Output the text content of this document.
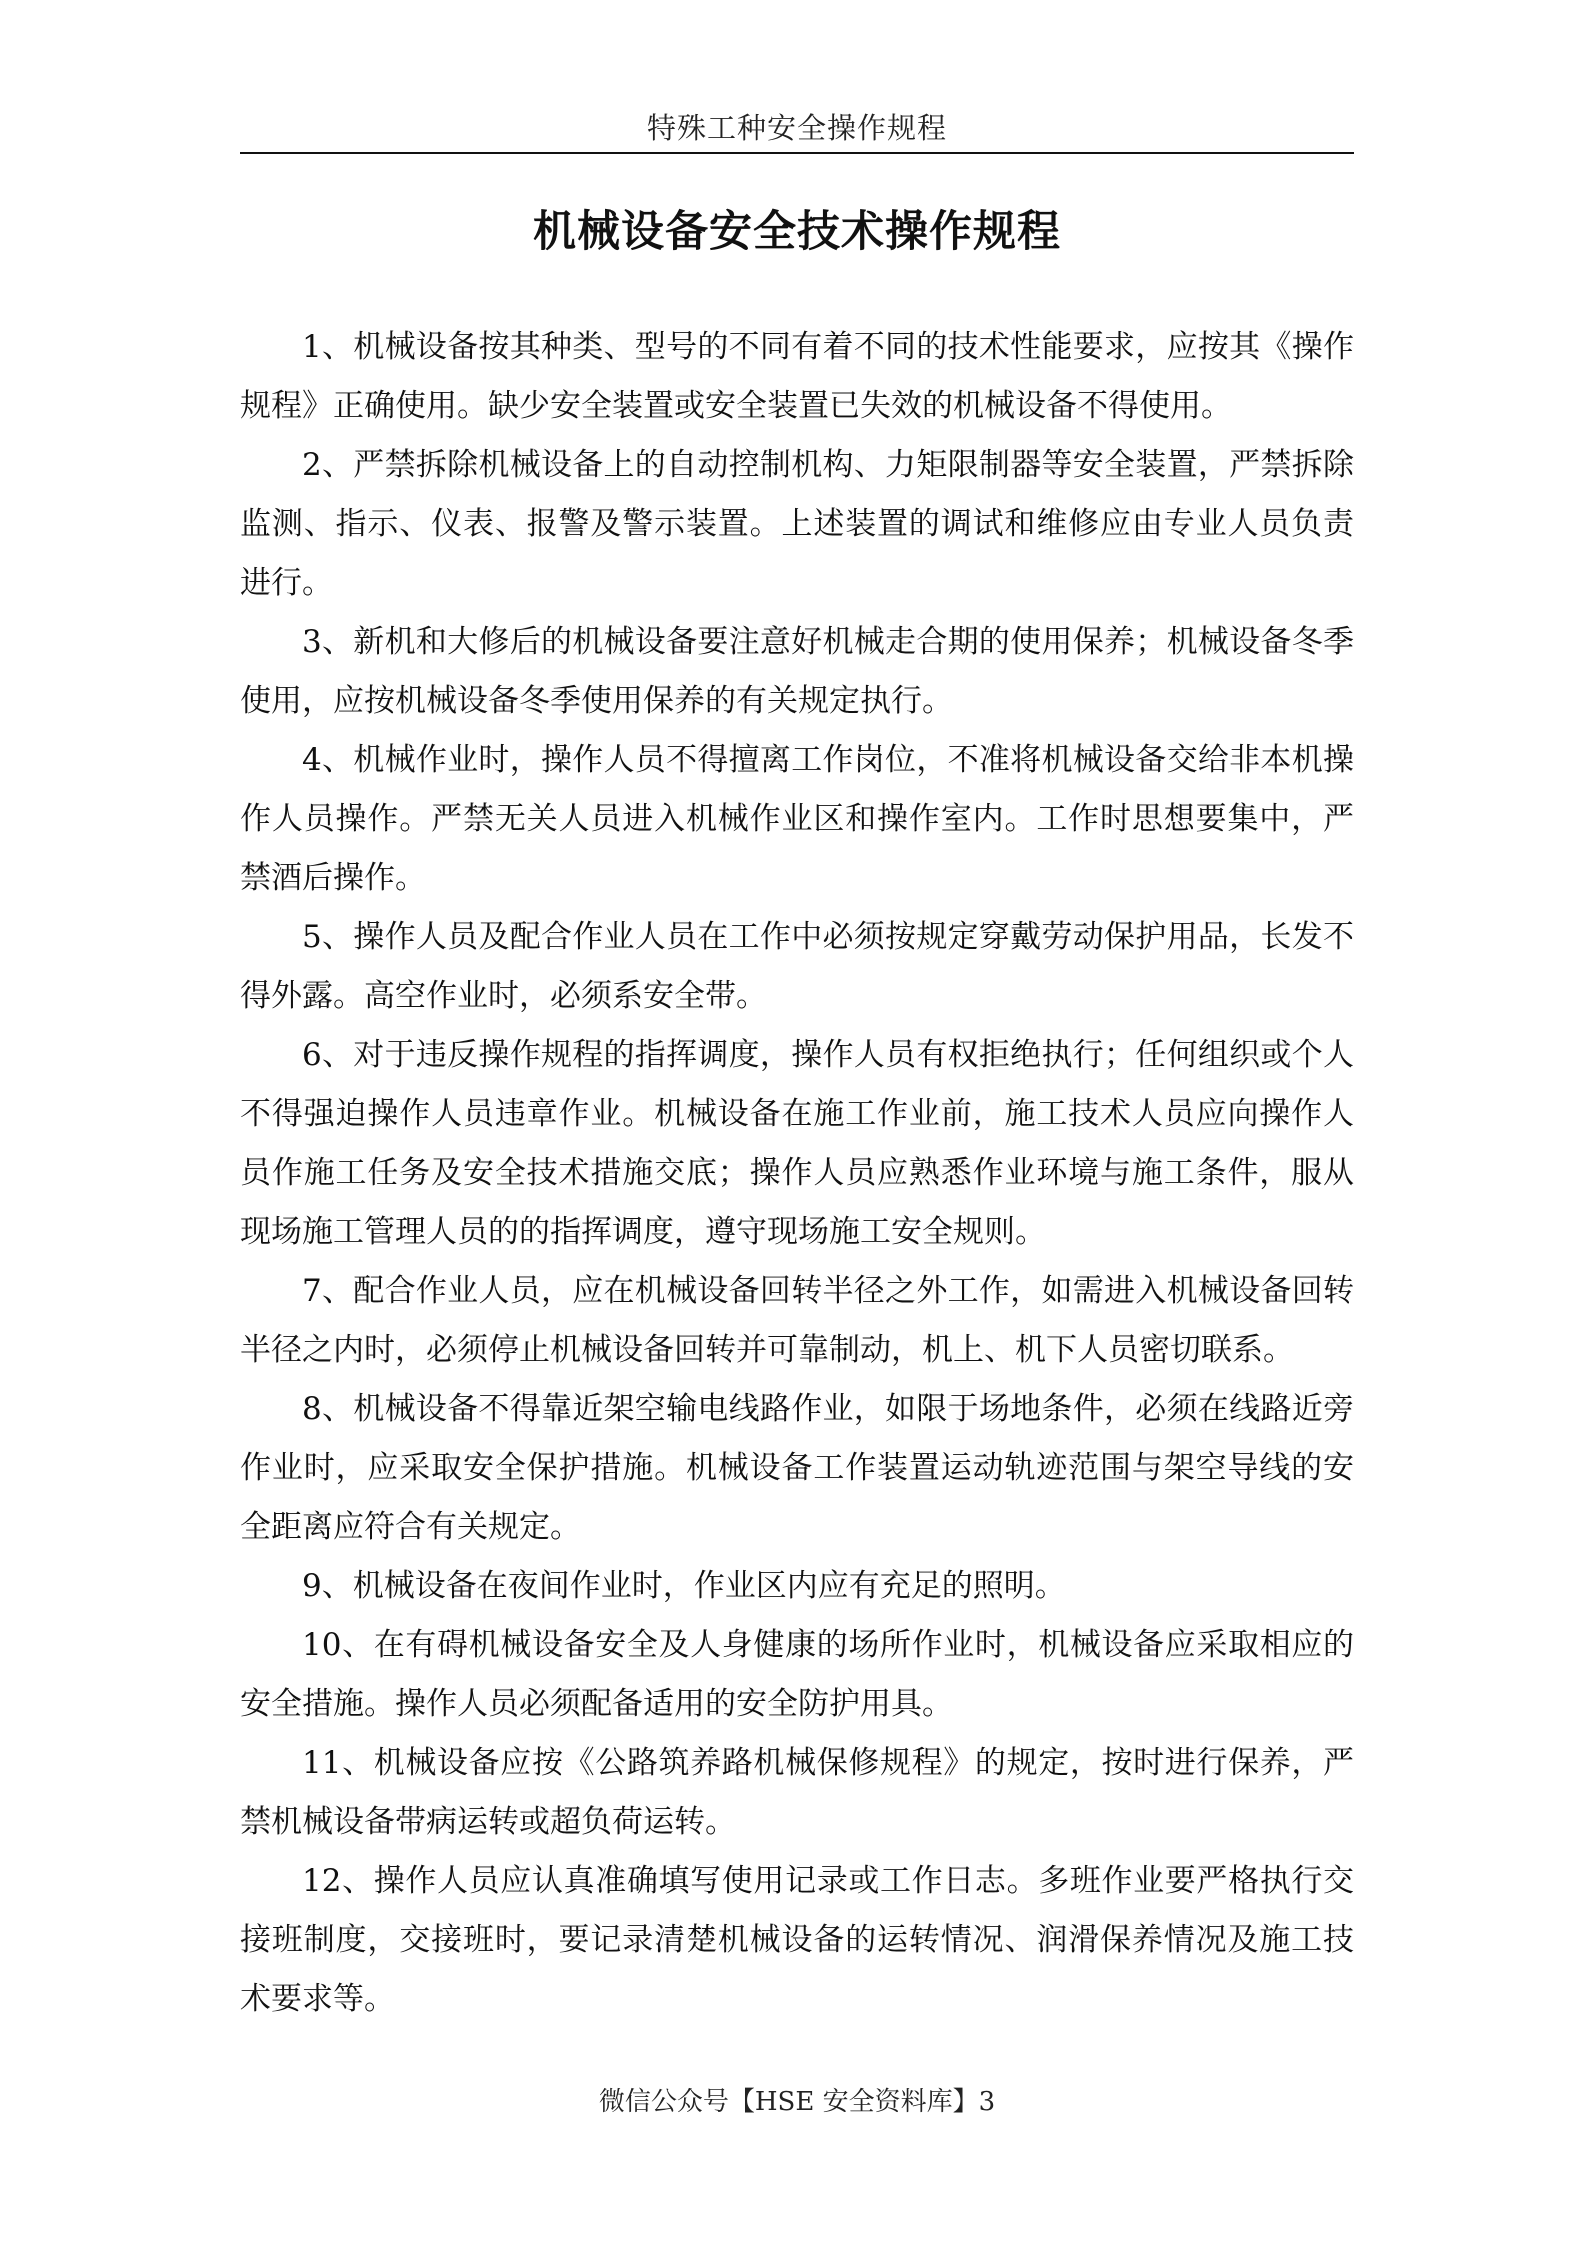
特殊工种安全操作规程
机械设备安全技术操作规程

1、机械设备按其种类、型号的不同有着不同的技术性能要求，应按其《操作规程》正确使用。缺少安全装置或安全装置已失效的机械设备不得使用。

2、严禁拆除机械设备上的自动控制机构、力矩限制器等安全装置，严禁拆除监测、指示、仪表、报警及警示装置。上述装置的调试和维修应由专业人员负责进行。

3、新机和大修后的机械设备要注意好机械走合期的使用保养；机械设备冬季使用，应按机械设备冬季使用保养的有关规定执行。

4、机械作业时，操作人员不得擅离工作岗位，不准将机械设备交给非本机操作人员操作。严禁无关人员进入机械作业区和操作室内。工作时思想要集中，严禁酒后操作。

5、操作人员及配合作业人员在工作中必须按规定穿戴劳动保护用品，长发不得外露。高空作业时，必须系安全带。

6、对于违反操作规程的指挥调度，操作人员有权拒绝执行；任何组织或个人不得强迫操作人员违章作业。机械设备在施工作业前，施工技术人员应向操作人员作施工任务及安全技术措施交底；操作人员应熟悉作业环境与施工条件，服从现场施工管理人员的的指挥调度，遵守现场施工安全规则。

7、配合作业人员，应在机械设备回转半径之外工作，如需进入机械设备回转半径之内时，必须停止机械设备回转并可靠制动，机上、机下人员密切联系。

8、机械设备不得靠近架空输电线路作业，如限于场地条件，必须在线路近旁作业时，应采取安全保护措施。机械设备工作装置运动轨迹范围与架空导线的安全距离应符合有关规定。

9、机械设备在夜间作业时，作业区内应有充足的照明。

10、在有碍机械设备安全及人身健康的场所作业时，机械设备应采取相应的安全措施。操作人员必须配备适用的安全防护用具。

11、机械设备应按《公路筑养路机械保修规程》的规定，按时进行保养，严禁机械设备带病运转或超负荷运转。

12、操作人员应认真准确填写使用记录或工作日志。多班作业要严格执行交接班制度，交接班时，要记录清楚机械设备的运转情况、润滑保养情况及施工技术要求等。

微信公众号【HSE 安全资料库】3
